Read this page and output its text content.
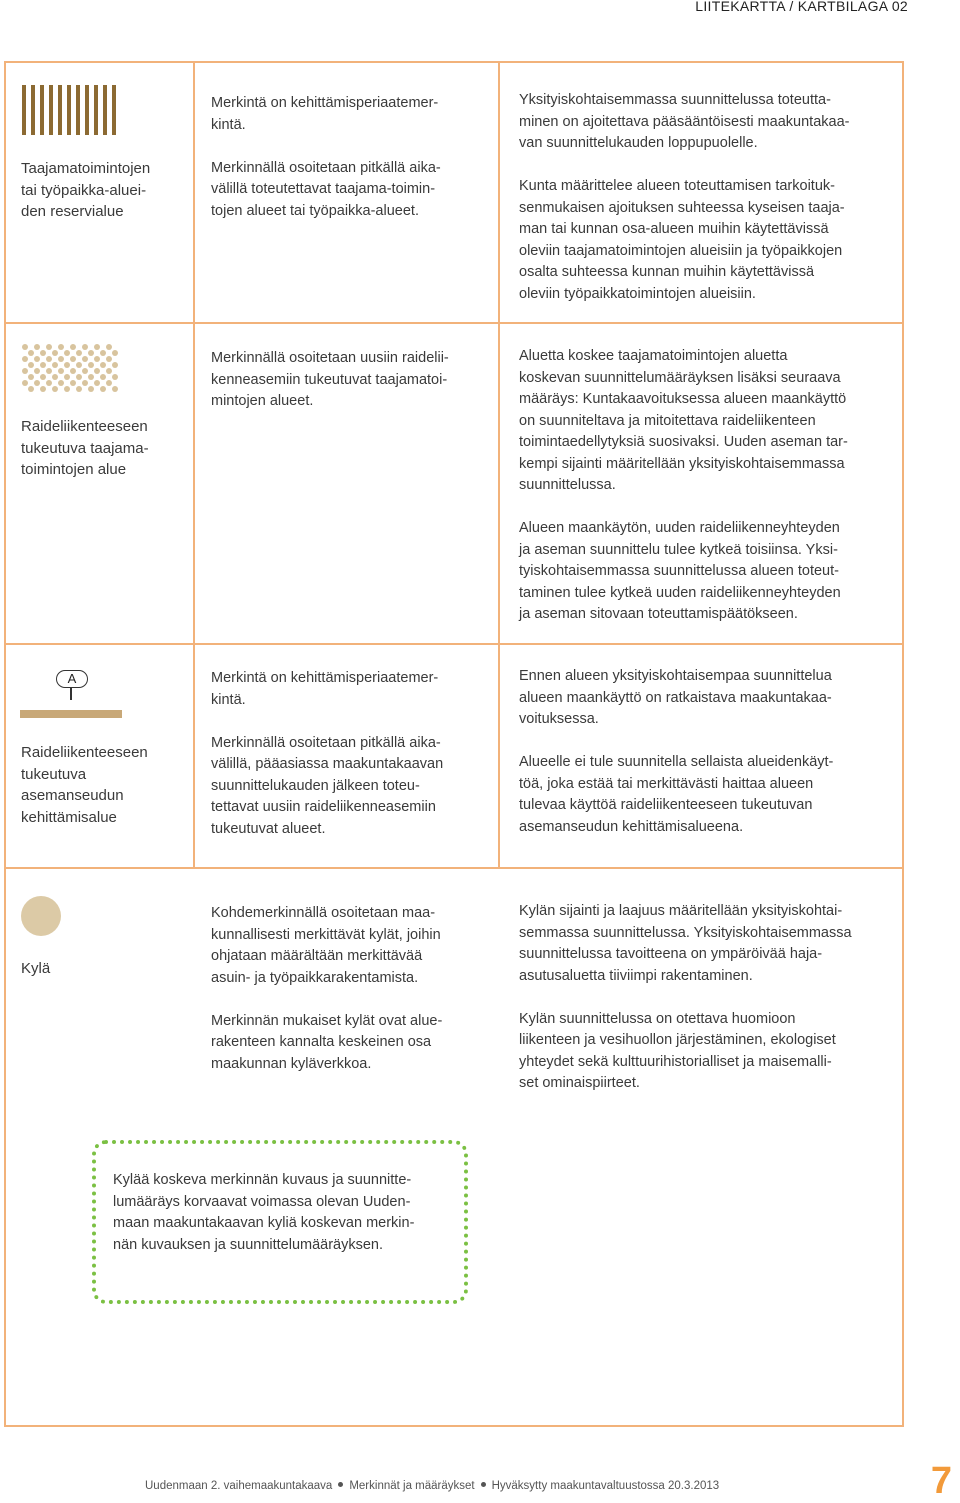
LIITEKARTTA / KARTBILAGA 02
Taajamatoimintojen
tai työpaikka-aluei-
den reservialue
Merkintä on kehittämisperiaatemer-
kintä.

Merkinnällä osoitetaan pitkällä aika-
välillä toteutettavat taajama-toimin-
tojen alueet tai työpaikka-alueet.
Yksityiskohtaisemmassa suunnittelussa toteutta-
minen on ajoitettava pääsääntöisesti maakuntakaa-
van suunnittelukauden loppupuolelle.

Kunta määrittelee alueen toteuttamisen tarkoituk-
senmukaisen ajoituksen suhteessa kyseisen taaja-
man tai kunnan osa-alueen muihin käytettävissä
oleviin taajamatoimintojen alueisiin ja työpaikkojen
osalta suhteessa kunnan muihin käytettävissä
oleviin työpaikkatoimintojen alueisiin.
Raideliikenteeseen
tukeutuva taajama-
toimintojen alue
Merkinnällä osoitetaan uusiin raidelii-
kenneasemiin tukeutuvat taajamatoi-
mintojen alueet.
Aluetta koskee taajamatoimintojen aluetta
koskevan suunnittelumääräyksen lisäksi seuraava
määräys: Kuntakaavoituksessa alueen maankäyttö
on suunniteltava ja mitoitettava raideliikenteen
toimintaedellytyksiä suosivaksi. Uuden aseman tar-
kempi sijainti määritellään yksityiskohtaisemmassa
suunnittelussa.

Alueen maankäytön, uuden raideliikenneyhteyden
ja aseman suunnittelu tulee kytkeä toisiinsa. Yksi-
tyiskohtaisemmassa suunnittelussa alueen toteut-
taminen tulee kytkeä uuden raideliikenneyhteyden
ja aseman sitovaan toteuttamispäätökseen.
A
Raideliikenteeseen
tukeutuva
asemanseudun
kehittämisalue
Merkintä on kehittämisperiaatemer-
kintä.

Merkinnällä osoitetaan pitkällä aika-
välillä, pääasiassa maakuntakaavan
suunnittelukauden jälkeen toteu-
tettavat uusiin raideliikenneasemiin
tukeutuvat alueet.
Ennen alueen yksityiskohtaisempaa suunnittelua
alueen maankäyttö on ratkaistava maakuntakaa-
voituksessa.

Alueelle ei tule suunnitella sellaista alueidenkäyt-
töä, joka estää tai merkittävästi haittaa alueen
tulevaa käyttöä raideliikenteeseen tukeutuvan
asemanseudun kehittämisalueena.
Kylä
Kohdemerkinnällä osoitetaan maa-
kunnallisesti merkittävät kylät, joihin
ohjataan määrältään merkittävää
asuin- ja työpaikkarakentamista.

Merkinnän mukaiset kylät ovat alue-
rakenteen kannalta keskeinen osa
maakunnan kyläverkkoa.
Kylän sijainti ja laajuus määritellään yksityiskohtai-
semmassa suunnittelussa. Yksityiskohtaisemmassa
suunnittelussa tavoitteena on ympäröivää haja-
asutusaluetta tiiviimpi rakentaminen.

Kylän suunnittelussa on otettava huomioon
liikenteen ja vesihuollon järjestäminen, ekologiset
yhteydet sekä kulttuurihistorialliset ja maisemalli-
set ominaispiirteet.
Kylää koskeva merkinnän kuvaus ja suunnitte-
lumääräys korvaavat voimassa olevan Uuden-
maan maakuntakaavan kyliä koskevan merkin-
nän kuvauksen ja suunnittelumääräyksen.
Uudenmaan 2. vaihemaakuntakaava Merkinnät ja määräykset Hyväksytty maakuntavaltuustossa 20.3.2013	7
